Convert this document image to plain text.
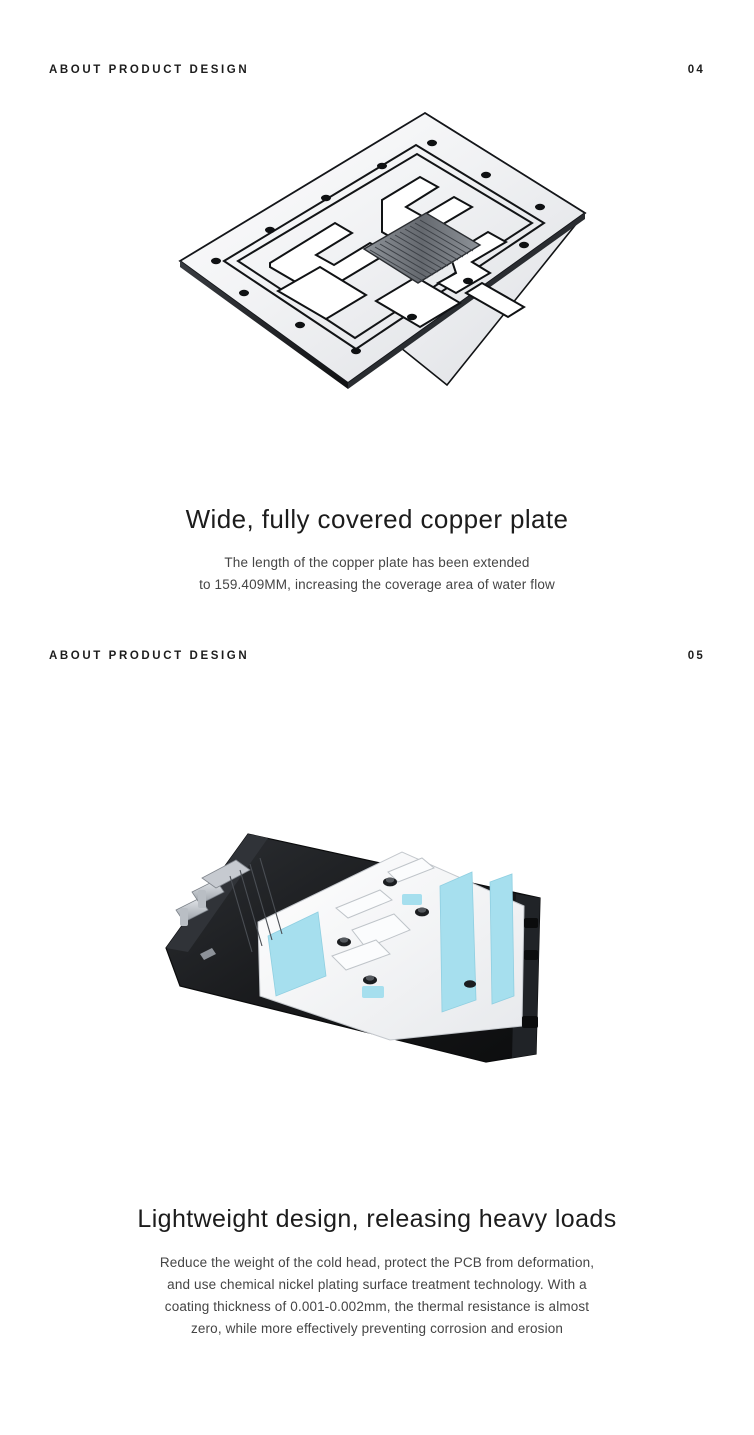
ABOUT PRODUCT DESIGN	04
Wide, fully covered copper plate
The length of the copper plate has been extended
to 159.409MM, increasing the coverage area of water flow
ABOUT PRODUCT DESIGN	05
Lightweight design, releasing heavy loads
Reduce the weight of the cold head, protect the PCB from deformation,
and use chemical nickel plating surface treatment technology. With a
coating thickness of 0.001-0.002mm, the thermal resistance is almost
zero, while more effectively preventing corrosion and erosion
